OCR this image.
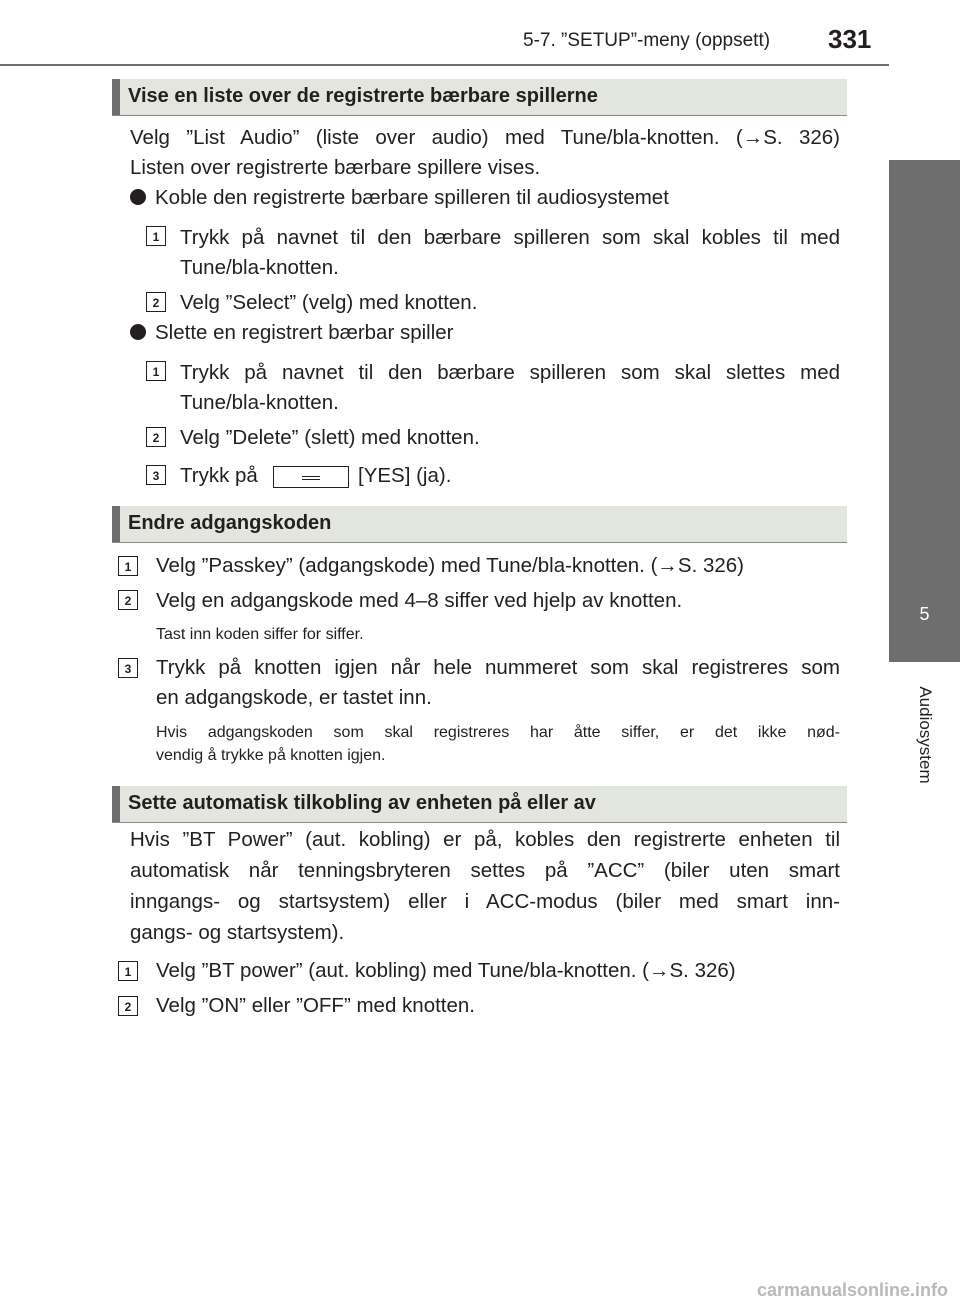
5-7. ”SETUP”-meny (oppsett) 331
5
Audiosystem
Vise en liste over de registrerte bærbare spillerne
Velg ”List Audio” (liste over audio) med Tune/bla-knotten. (→S. 326)
Listen over registrerte bærbare spillere vises.
Koble den registrerte bærbare spilleren til audiosystemet
1	Trykk på navnet til den bærbare spilleren som skal kobles til med
Tune/bla-knotten.
2	Velg ”Select” (velg) med knotten.
Slette en registrert bærbar spiller
1	Trykk på navnet til den bærbare spilleren som skal slettes med
Tune/bla-knotten.
2	Velg ”Delete” (slett) med knotten.
3	Trykk på	[YES] (ja).
Endre adgangskoden
1	Velg ”Passkey” (adgangskode) med Tune/bla-knotten. (→S. 326)
2	Velg en adgangskode med 4–8 siffer ved hjelp av knotten.
Tast inn koden siffer for siffer.
3	Trykk på knotten igjen når hele nummeret som skal registreres som
en adgangskode, er tastet inn.
Hvis adgangskoden som skal registreres har åtte siffer, er det ikke nød-
vendig å trykke på knotten igjen.
Sette automatisk tilkobling av enheten på eller av
Hvis ”BT Power” (aut. kobling) er på, kobles den registrerte enheten til
automatisk når tenningsbryteren settes på ”ACC” (biler uten smart
inngangs- og startsystem) eller i ACC-modus (biler med smart inn-
gangs- og startsystem).
1	Velg ”BT power” (aut. kobling) med Tune/bla-knotten. (→S. 326)
2	Velg ”ON” eller ”OFF” med knotten.
carmanualsonline.info
